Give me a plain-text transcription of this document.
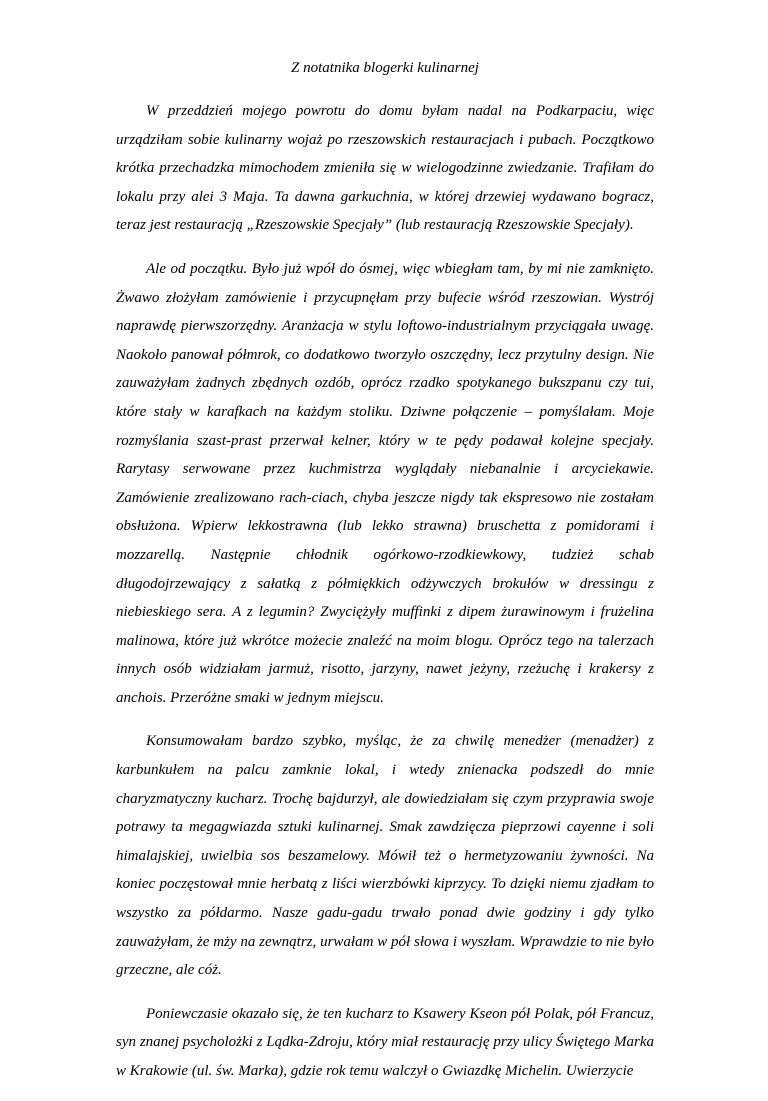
Z notatnika blogerki kulinarnej

W przeddzień mojego powrotu do domu byłam nadal na Podkarpaciu, więc urządziłam sobie kulinarny wojaż po rzeszowskich restauracjach i pubach. Początkowo krótka przechadzka mimochodem zmieniła się w wielogodzinne zwiedzanie. Trafiłam do lokalu przy alei 3 Maja. Ta dawna garkuchnia, w której drzewiej wydawano bogracz, teraz jest restauracją „Rzeszowskie Specjały” (lub restauracją Rzeszowskie Specjały).

Ale od początku. Było już wpół do ósmej, więc wbiegłam tam, by mi nie zamknięto. Żwawo złożyłam zamówienie i przycupnęłam przy bufecie wśród rzeszowian. Wystrój naprawdę pierwszorzędny. Aranżacja w stylu loftowo-industrialnym przyciągała uwagę. Naokoło panował półmrok, co dodatkowo tworzyło oszczędny, lecz przytulny design. Nie zauważyłam żadnych zbędnych ozdób, oprócz rzadko spotykanego bukszpanu czy tui, które stały w karafkach na każdym stoliku. Dziwne połączenie – pomyślałam. Moje rozmyślania szast-prast przerwał kelner, który w te pędy podawał kolejne specjały. Rarytasy serwowane przez kuchmistrza wyglądały niebanalnie i arcyciekawie. Zamówienie zrealizowano rach-ciach, chyba jeszcze nigdy tak ekspresowo nie zostałam obsłużona. Wpierw lekkostrawna (lub lekko strawna) bruschetta z pomidorami i mozzarellą. Następnie chłodnik ogórkowo-rzodkiewkowy, tudzież schab długodojrzewający z sałatką z półmiękkich odżywczych brokułów w dressingu z niebieskiego sera. A z legumin? Zwyciężyły muffinki z dipem żurawinowym i frużelina malinowa, które już wkrótce możecie znaleźć na moim blogu. Oprócz tego na talerzach innych osób widziałam jarmuż, risotto, jarzyny, nawet jeżyny, rzeżuchę i krakersy z anchois. Przeróżne smaki w jednym miejscu.

Konsumowałam bardzo szybko, myśląc, że za chwilę menedżer (menadżer) z karbunkułem na palcu zamknie lokal, i wtedy znienacka podszedł do mnie charyzmatyczny kucharz. Trochę bajdurzył, ale dowiedziałam się czym przyprawia swoje potrawy ta megagwiazda sztuki kulinarnej. Smak zawdzięcza pieprzowi cayenne i soli himalajskiej, uwielbia sos beszamelowy. Mówił też o hermetyzowaniu żywności. Na koniec poczęstował mnie herbatą z liści wierzbówki kiprzycy. To dzięki niemu zjadłam to wszystko za półdarmo. Nasze gadu-gadu trwało ponad dwie godziny i gdy tylko zauważyłam, że mży na zewnątrz, urwałam w pół słowa i wyszłam. Wprawdzie to nie było grzeczne, ale cóż.

Poniewczasie okazało się, że ten kucharz to Ksawery Kseon pół Polak, pół Francuz, syn znanej psycholożki z Lądka-Zdroju, który miał restaurację przy ulicy Świętego Marka w Krakowie (ul. św. Marka), gdzie rok temu walczył o Gwiazdkę Michelin. Uwierzycie
